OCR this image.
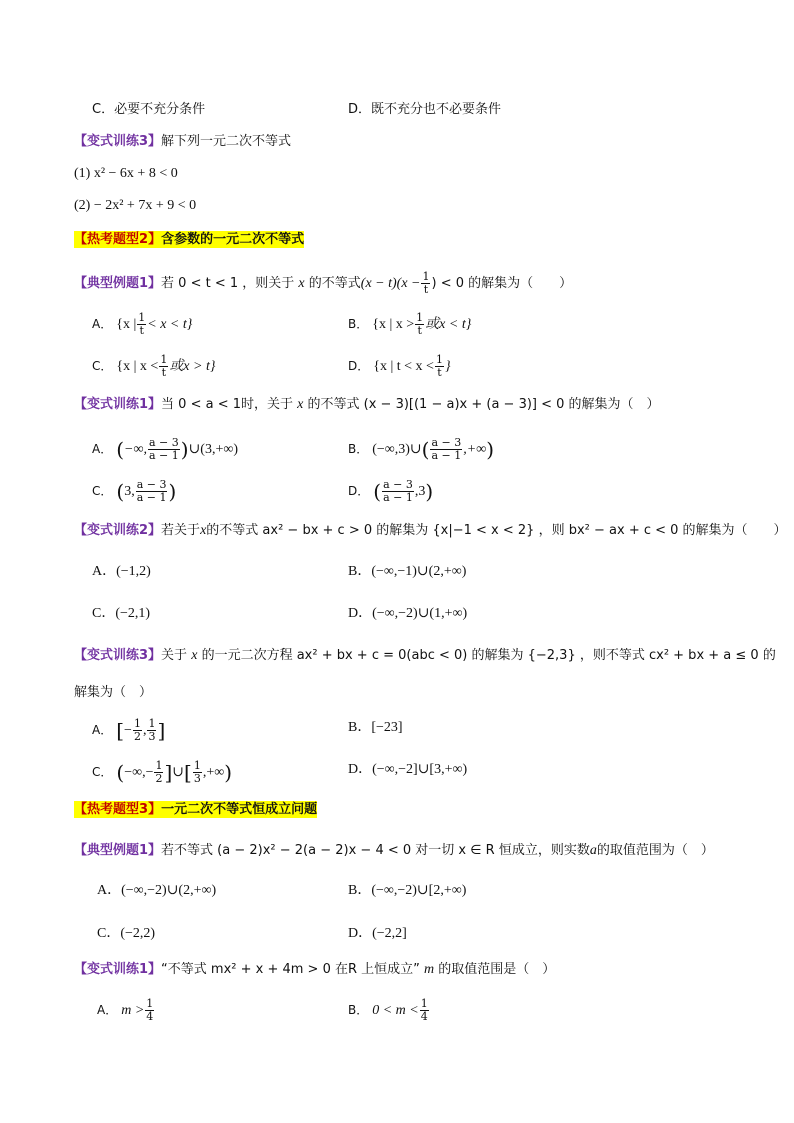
C．必要不充分条件	D．既不充分也不必要条件
【变式训练3】解下列一元二次不等式
(1) x² − 6x + 8 < 0
(2) − 2x² + 7x + 9 < 0
【热考题型2】含参数的一元二次不等式
【典型例题1】若 0 < t < 1 ，则关于 x 的不等式$(x - t)(x - \frac{1}{t}$ ) < 0 的解集为（　　）
A． {x | $\frac{1}{t} < x < t$}	B． {x | $x > \frac{1}{t}$ 或x < t}
C． {x | $x < \frac{1}{t}$ 或x > t}	D． {x | $t < x < \frac{1}{t}$ }
【变式训练1】当 0 < a < 1时，关于 x 的不等式 (x − 3)[(1 − a)x + (a − 3)] < 0 的解集为（　）
A． (−∞, $\frac{a - 3}{a - 1}$ )∪(3,+∞)	B． (−∞,3)∪( $\frac{a - 3}{a - 1}$ ,+∞)
C． (3, $\frac{a - 3}{a - 1}$ )	D． ( $\frac{a - 3}{a - 1} ,3$)
【变式训练2】若关于x的不等式 ax² − bx + c > 0 的解集为 {x|−1 < x < 2} ，则 bx² − ax + c < 0 的解集为（　　）
A．(−1,2)	B．(−∞,−1)∪(2,+∞)
C．(−2,1)	D．(−∞,−2)∪(1,+∞)
【变式训练3】关于 x 的一元二次方程 ax² + bx + c = 0(abc < 0) 的解集为 {−2,3} ，则不等式 cx² + bx + a ≤ 0 的
解集为（　）
A． [− $\frac{1}{2}$ , $\frac{1}{3}$ ]	B．[−23]
C． (−∞,− $\frac{1}{2}$ ]∪[ $\frac{1}{3}$ ,+∞)	D．(−∞,−2]∪[3,+∞)
【热考题型3】一元二次不等式恒成立问题
【典型例题1】若不等式 (a − 2)x² − 2(a − 2)x − 4 < 0 对一切 x ∈ R 恒成立，则实数a的取值范围为（　）
A．(−∞,−2)∪(2,+∞)	B．(−∞,−2)∪[2,+∞)
C．(−2,2)	D．(−2,2]
【变式训练1】“不等式 mx² + x + 4m > 0 在R 上恒成立” m 的取值范围是（　）
A． $m > \frac{1}{4}$	B． $0 < m < \frac{1}{4}$
